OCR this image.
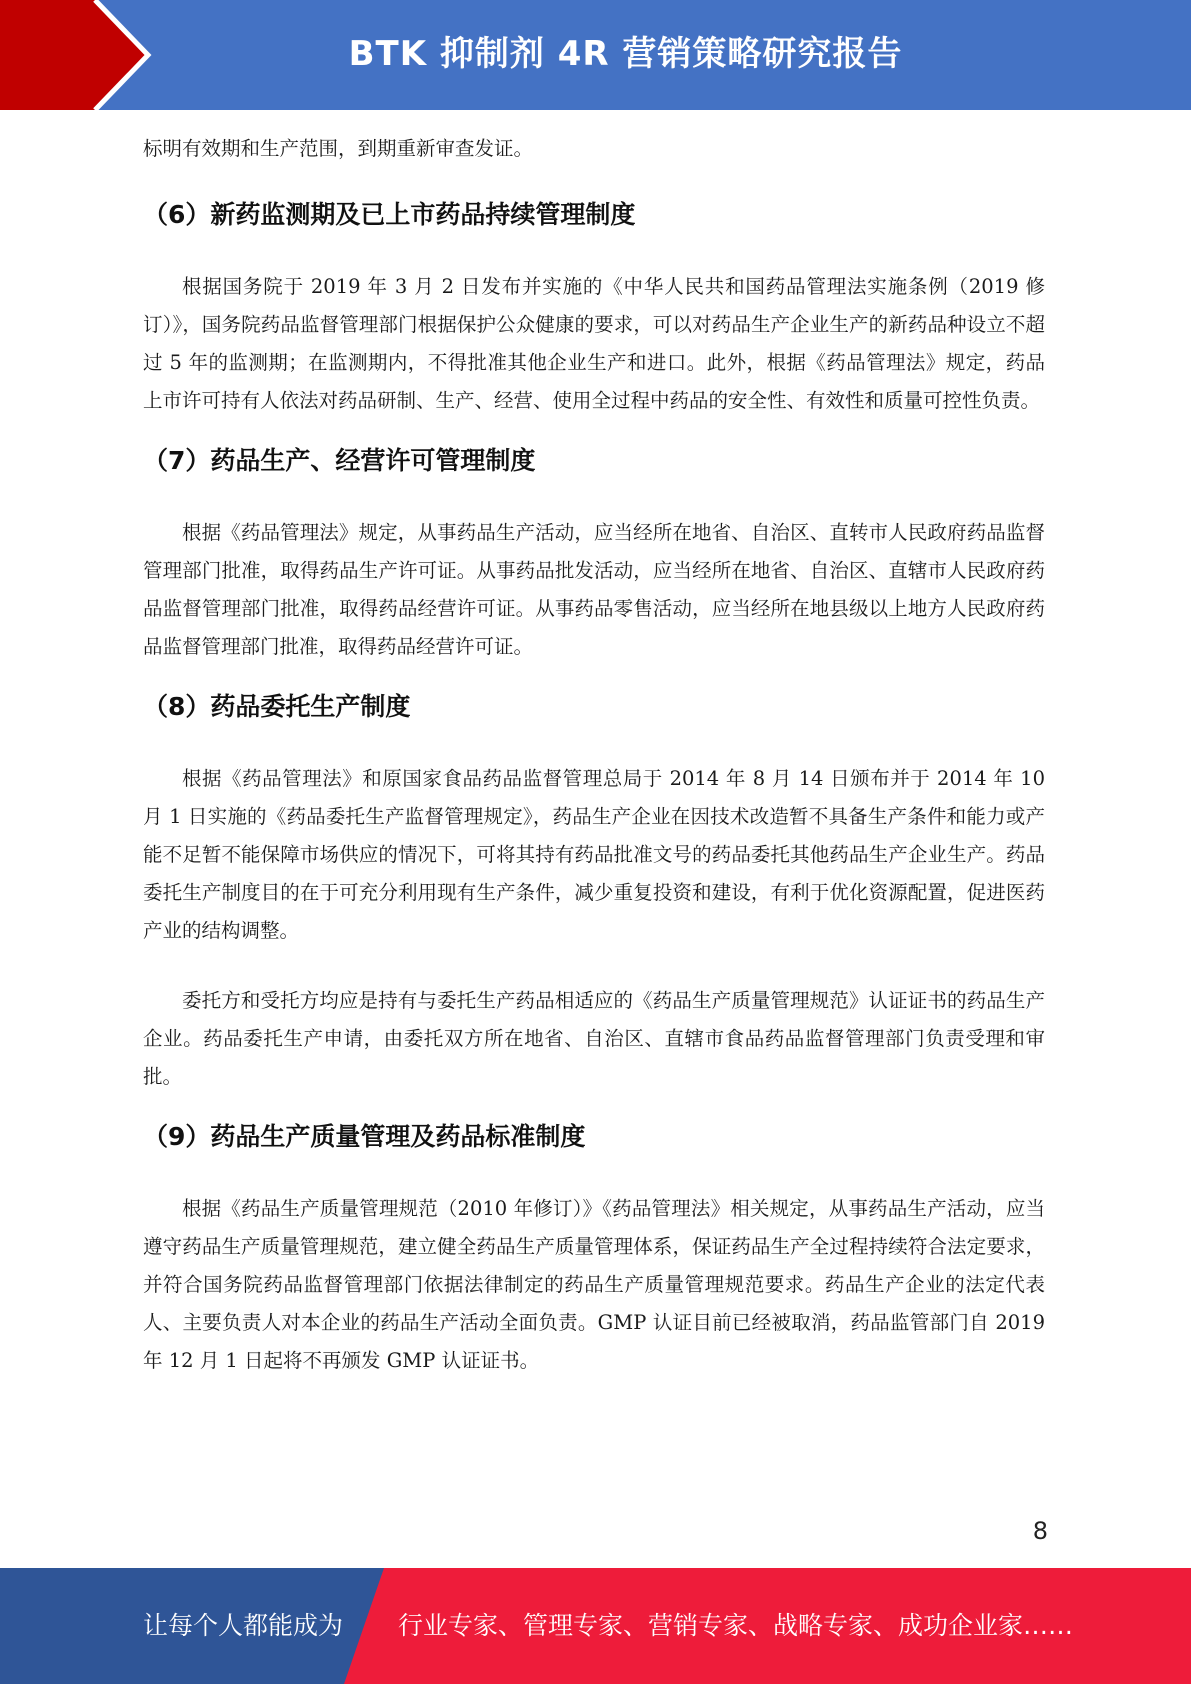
BTK 抑制剂 4R 营销策略研究报告

标明有效期和生产范围，到期重新审查发证。

（6）新药监测期及已上市药品持续管理制度

根据国务院于 2019 年 3 月 2 日发布并实施的《中华人民共和国药品管理法实施条例（2019 修订）》，国务院药品监督管理部门根据保护公众健康的要求，可以对药品生产企业生产的新药品种设立不超过 5 年的监测期；在监测期内，不得批准其他企业生产和进口。此外，根据《药品管理法》规定，药品上市许可持有人依法对药品研制、生产、经营、使用全过程中药品的安全性、有效性和质量可控性负责。

（7）药品生产、经营许可管理制度

根据《药品管理法》规定，从事药品生产活动，应当经所在地省、自治区、直转市人民政府药品监督管理部门批准，取得药品生产许可证。从事药品批发活动，应当经所在地省、自治区、直辖市人民政府药品监督管理部门批准，取得药品经营许可证。从事药品零售活动，应当经所在地县级以上地方人民政府药品监督管理部门批准，取得药品经营许可证。

（8）药品委托生产制度

根据《药品管理法》和原国家食品药品监督管理总局于 2014 年 8 月 14 日颁布并于 2014 年 10 月 1 日实施的《药品委托生产监督管理规定》，药品生产企业在因技术改造暂不具备生产条件和能力或产能不足暂不能保障市场供应的情况下，可将其持有药品批准文号的药品委托其他药品生产企业生产。药品委托生产制度目的在于可充分利用现有生产条件，减少重复投资和建设，有利于优化资源配置，促进医药产业的结构调整。

委托方和受托方均应是持有与委托生产药品相适应的《药品生产质量管理规范》认证证书的药品生产企业。药品委托生产申请，由委托双方所在地省、自治区、直辖市食品药品监督管理部门负责受理和审批。

（9）药品生产质量管理及药品标准制度

根据《药品生产质量管理规范（2010 年修订）》《药品管理法》相关规定，从事药品生产活动，应当遵守药品生产质量管理规范，建立健全药品生产质量管理体系，保证药品生产全过程持续符合法定要求，并符合国务院药品监督管理部门依据法律制定的药品生产质量管理规范要求。药品生产企业的法定代表人、主要负责人对本企业的药品生产活动全面负责。GMP 认证目前已经被取消，药品监管部门自 2019 年 12 月 1 日起将不再颁发 GMP 认证证书。

8
让每个人都能成为 行业专家、管理专家、营销专家、战略专家、成功企业家……
